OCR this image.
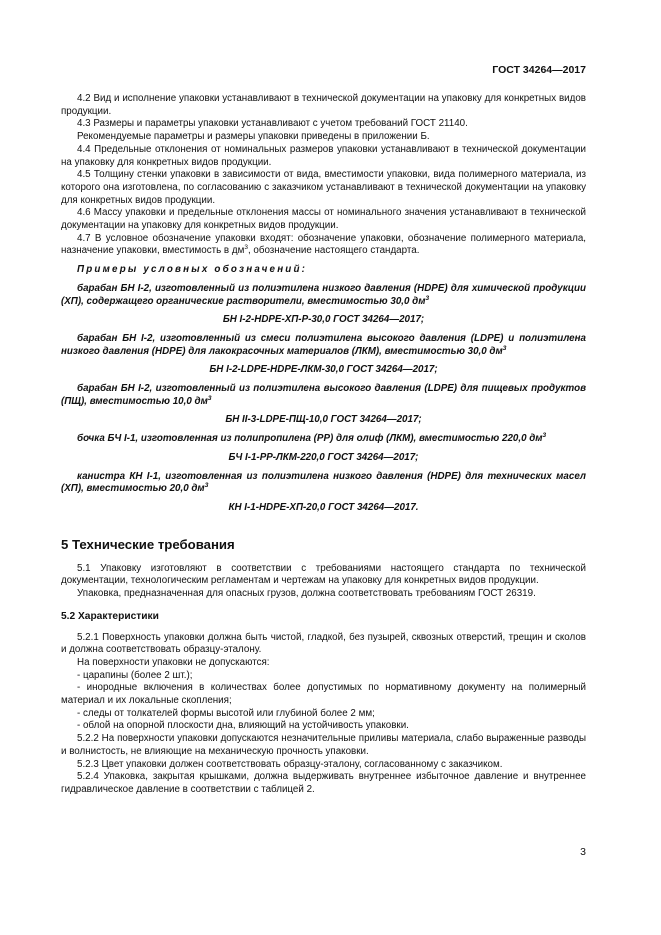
ГОСТ 34264—2017

4.2 Вид и исполнение упаковки устанавливают в технической документации на упаковку для конкретных видов продукции.

4.3 Размеры и параметры упаковки устанавливают с учетом требований ГОСТ 21140.

Рекомендуемые параметры и размеры упаковки приведены в приложении Б.

4.4 Предельные отклонения от номинальных размеров упаковки устанавливают в технической документации на упаковку для конкретных видов продукции.

4.5 Толщину стенки упаковки в зависимости от вида, вместимости упаковки, вида полимерного материала, из которого она изготовлена, по согласованию с заказчиком устанавливают в технической документации на упаковку для конкретных видов продукции.

4.6 Массу упаковки и предельные отклонения массы от номинального значения устанавливают в технической документации на упаковку для конкретных видов продукции.

4.7 В условное обозначение упаковки входят: обозначение упаковки, обозначение полимерного материала, назначение упаковки, вместимость в $дм^3$, обозначение настоящего стандарта.

Примеры условных обозначений:

барабан БН I-2, изготовленный из полиэтилена низкого давления (HDPE) для химической продукции (ХП), содержащего органические растворители, вместимостью 30,0 $дм^3$

БН I-2-HDPE-ХП-Р-30,0 ГОСТ 34264—2017;

барабан БН I-2, изготовленный из смеси полиэтилена высокого давления (LDPE) и полиэтилена низкого давления (HDPE) для лакокрасочных материалов (ЛКМ), вместимостью 30,0 $дм^3$

БН I-2-LDPE-HDPE-ЛКМ-30,0 ГОСТ 34264—2017;

барабан БН I-2, изготовленный из полиэтилена высокого давления (LDPE) для пищевых продуктов (ПЩ), вместимостью 10,0 $дм^3$

БН II-3-LDPE-ПЩ-10,0 ГОСТ 34264—2017;

бочка БЧ I-1, изготовленная из полипропилена (PP) для олиф (ЛКМ), вместимостью 220,0 $дм^3$

БЧ I-1-PP-ЛКМ-220,0 ГОСТ 34264—2017;

канистра КН I-1, изготовленная из полиэтилена низкого давления (HDPE) для технических масел (ХП), вместимостью 20,0 $дм^3$

КН I-1-HDPE-ХП-20,0 ГОСТ 34264—2017.

5 Технические требования

5.1 Упаковку изготовляют в соответствии с требованиями настоящего стандарта по технической документации, технологическим регламентам и чертежам на упаковку для конкретных видов продукции.

Упаковка, предназначенная для опасных грузов, должна соответствовать требованиям ГОСТ 26319.

5.2 Характеристики

5.2.1 Поверхность упаковки должна быть чистой, гладкой, без пузырей, сквозных отверстий, трещин и сколов и должна соответствовать образцу-эталону.

На поверхности упаковки не допускаются:

- царапины (более 2 шт.);

- инородные включения в количествах более допустимых по нормативному документу на полимерный материал и их локальные скопления;

- следы от толкателей формы высотой или глубиной более 2 мм;

- облой на опорной плоскости дна, влияющий на устойчивость упаковки.

5.2.2 На поверхности упаковки допускаются незначительные приливы материала, слабо выраженные разводы и волнистость, не влияющие на механическую прочность упаковки.

5.2.3 Цвет упаковки должен соответствовать образцу-эталону, согласованному с заказчиком.

5.2.4 Упаковка, закрытая крышками, должна выдерживать внутреннее избыточное давление и внутреннее гидравлическое давление в соответствии с таблицей 2.

3
